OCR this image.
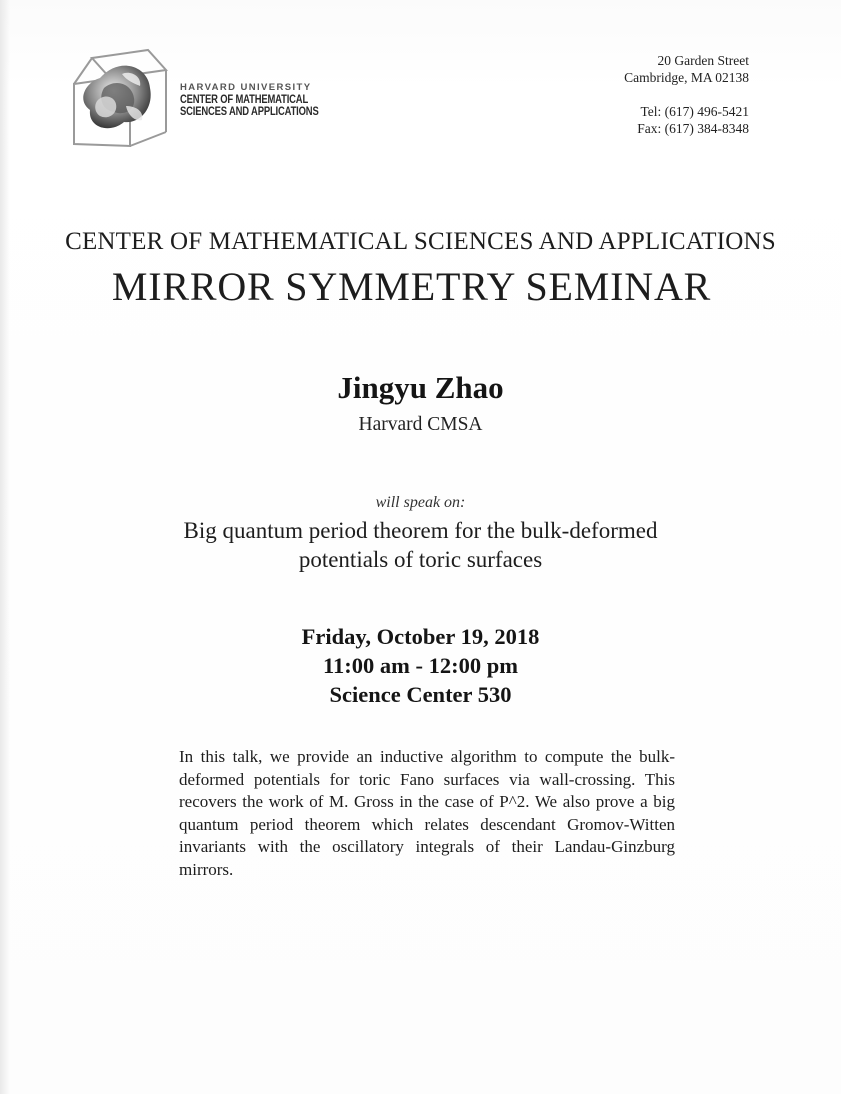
HARVARD UNIVERSITY
CENTER OF MATHEMATICAL
SCIENCES AND APPLICATIONS
20 Garden Street
Cambridge, MA 02138
Tel: (617) 496-5421
Fax: (617) 384-8348
CENTER OF MATHEMATICAL SCIENCES AND APPLICATIONS
MIRROR SYMMETRY SEMINAR
Jingyu Zhao
Harvard CMSA
will speak on:
Big quantum period theorem for the bulk-deformed
potentials of toric surfaces
Friday, October 19, 2018
11:00 am - 12:00 pm
Science Center 530
In this talk, we provide an inductive algorithm to compute the bulk-deformed potentials for toric Fano surfaces via wall-crossing. This recovers the work of M. Gross in the case of P^2. We also prove a big quantum period theorem which relates descendant Gromov-Witten invariants with the oscillatory integrals of their Landau-Ginzburg mirrors.
